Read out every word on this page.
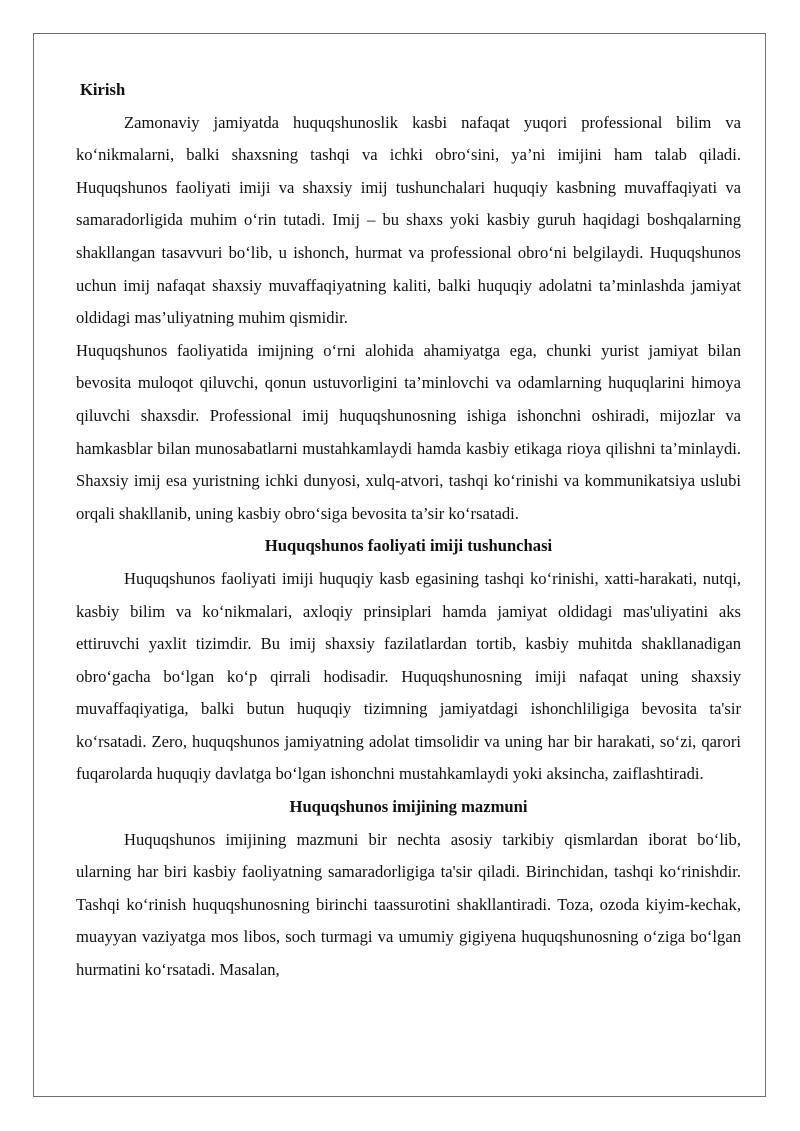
Kirish

Zamonaviy jamiyatda huquqshunoslik kasbi nafaqat yuqori professional bilim va ko‘nikmalarni, balki shaxsning tashqi va ichki obro‘sini, ya’ni imijini ham talab qiladi. Huquqshunos faoliyati imiji va shaxsiy imij tushunchalari huquqiy kasbning muvaffaqiyati va samaradorligida muhim o‘rin tutadi. Imij – bu shaxs yoki kasbiy guruh haqidagi boshqalarning shakllangan tasavvuri bo‘lib, u ishonch, hurmat va professional obro‘ni belgilaydi. Huquqshunos uchun imij nafaqat shaxsiy muvaffaqiyatning kaliti, balki huquqiy adolatni ta’minlashda jamiyat oldidagi mas’uliyatning muhim qismidir.

Huquqshunos faoliyatida imijning o‘rni alohida ahamiyatga ega, chunki yurist jamiyat bilan bevosita muloqot qiluvchi, qonun ustuvorligini ta’minlovchi va odamlarning huquqlarini himoya qiluvchi shaxsdir. Professional imij huquqshunosning ishiga ishonchni oshiradi, mijozlar va hamkasblar bilan munosabatlarni mustahkamlaydi hamda kasbiy etikaga rioya qilishni ta’minlaydi. Shaxsiy imij esa yuristning ichki dunyosi, xulq-atvori, tashqi ko‘rinishi va kommunikatsiya uslubi orqali shakllanib, uning kasbiy obro‘siga bevosita ta’sir ko‘rsatadi.

Huquqshunos faoliyati imiji tushunchasi

Huquqshunos faoliyati imiji huquqiy kasb egasining tashqi ko‘rinishi, xatti-harakati, nutqi, kasbiy bilim va ko‘nikmalari, axloqiy prinsiplari hamda jamiyat oldidagi mas'uliyatini aks ettiruvchi yaxlit tizimdir. Bu imij shaxsiy fazilatlardan tortib, kasbiy muhitda shakllanadigan obro‘gacha bo‘lgan ko‘p qirrali hodisadir. Huquqshunosning imiji nafaqat uning shaxsiy muvaffaqiyatiga, balki butun huquqiy tizimning jamiyatdagi ishonchliligiga bevosita ta'sir ko‘rsatadi. Zero, huquqshunos jamiyatning adolat timsolidir va uning har bir harakati, so‘zi, qarori fuqarolarda huquqiy davlatga bo‘lgan ishonchni mustahkamlaydi yoki aksincha, zaiflashtiradi.

Huquqshunos imijining mazmuni

Huquqshunos imijining mazmuni bir nechta asosiy tarkibiy qismlardan iborat bo‘lib, ularning har biri kasbiy faoliyatning samaradorligiga ta'sir qiladi. Birinchidan, tashqi ko‘rinishdir. Tashqi ko‘rinish huquqshunosning birinchi taassurotini shakllantiradi. Toza, ozoda kiyim-kechak, muayyan vaziyatga mos libos, soch turmagi va umumiy gigiyena huquqshunosning o‘ziga bo‘lgan hurmatini ko‘rsatadi. Masalan,
